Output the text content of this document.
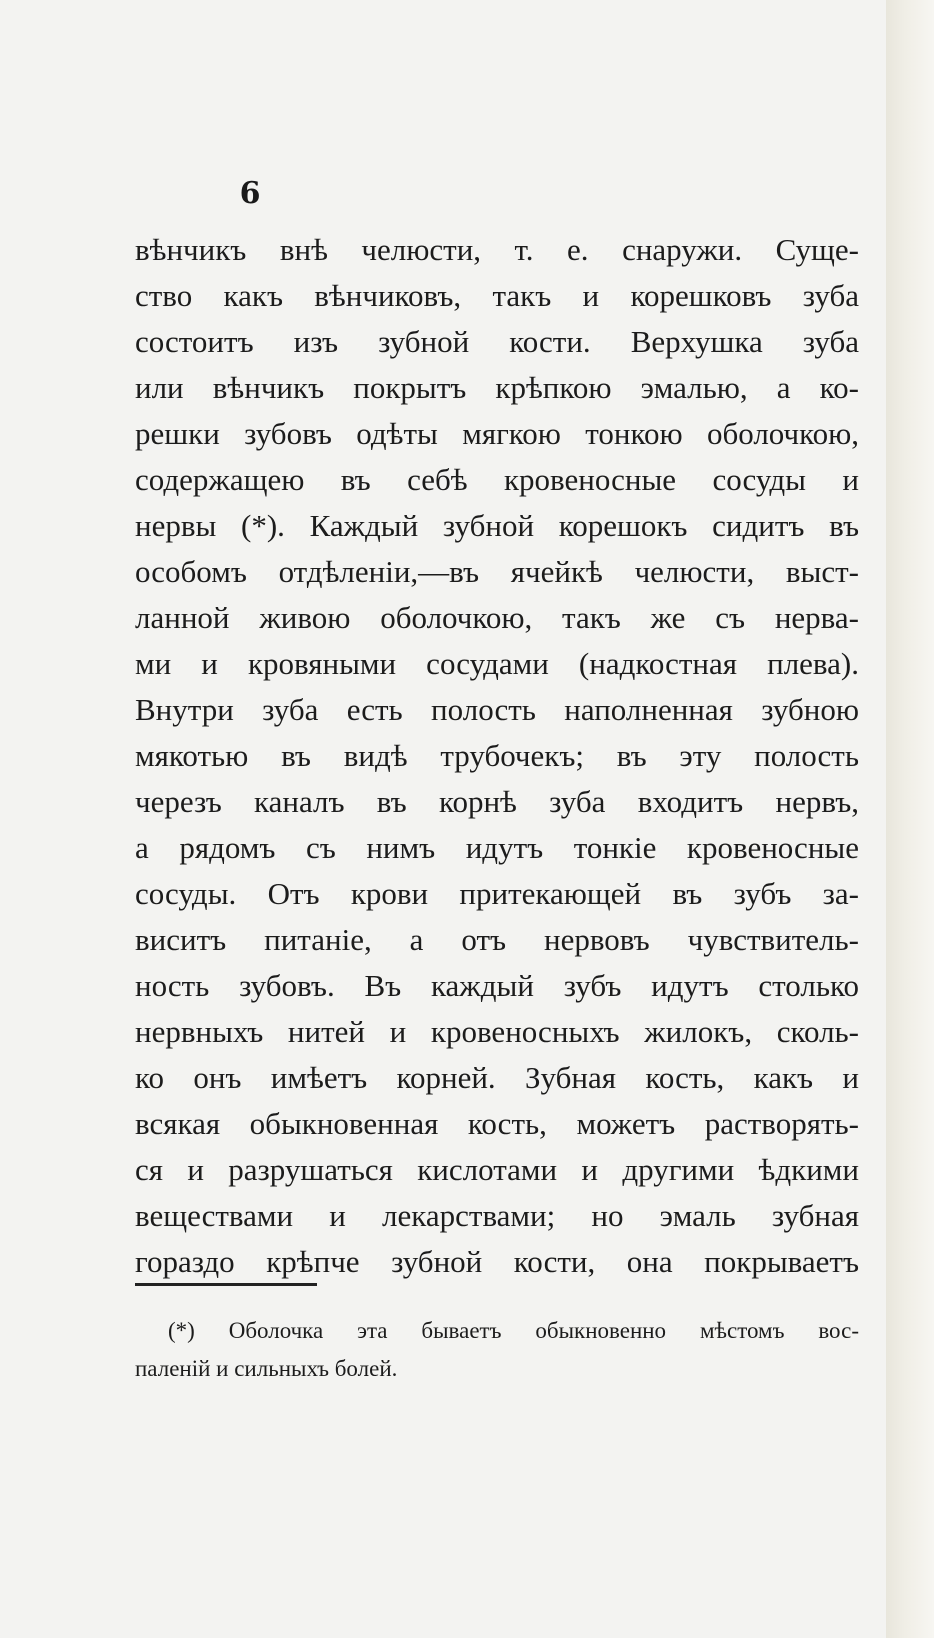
6
вѣнчикъ внѣ челюсти, т. е. снаружи. Суще-
ство какъ вѣнчиковъ, такъ и корешковъ зуба
состоитъ изъ зубной кости. Верхушка зуба
или вѣнчикъ покрытъ крѣпкою эмалью, а ко-
решки зубовъ одѣты мягкою тонкою оболочкою,
содержащею въ себѣ кровеносные сосуды и
нервы (*). Каждый зубной корешокъ сидитъ въ
особомъ отдѣленіи,—въ ячейкѣ челюсти, выст-
ланной живою оболочкою, такъ же съ нерва-
ми и кровяными сосудами (надкостная плева).
Внутри зуба есть полость наполненная зубною
мякотью въ видѣ трубочекъ; въ эту полость
черезъ каналъ въ корнѣ зуба входитъ нервъ,
а рядомъ съ нимъ идутъ тонкіе кровеносные
сосуды. Отъ крови притекающей въ зубъ за-
виситъ питаніе, а отъ нервовъ чувствитель-
ность зубовъ. Въ каждый зубъ идутъ столько
нервныхъ нитей и кровеносныхъ жилокъ, сколь-
ко онъ имѣетъ корней. Зубная кость, какъ и
всякая обыкновенная кость, можетъ растворять-
ся и разрушаться кислотами и другими ѣдкими
веществами и лекарствами; но эмаль зубная
гораздо крѣпче зубной кости, она покрываетъ
(*) Оболочка эта бываетъ обыкновенно мѣстомъ вос-
паленій и сильныхъ болей.
